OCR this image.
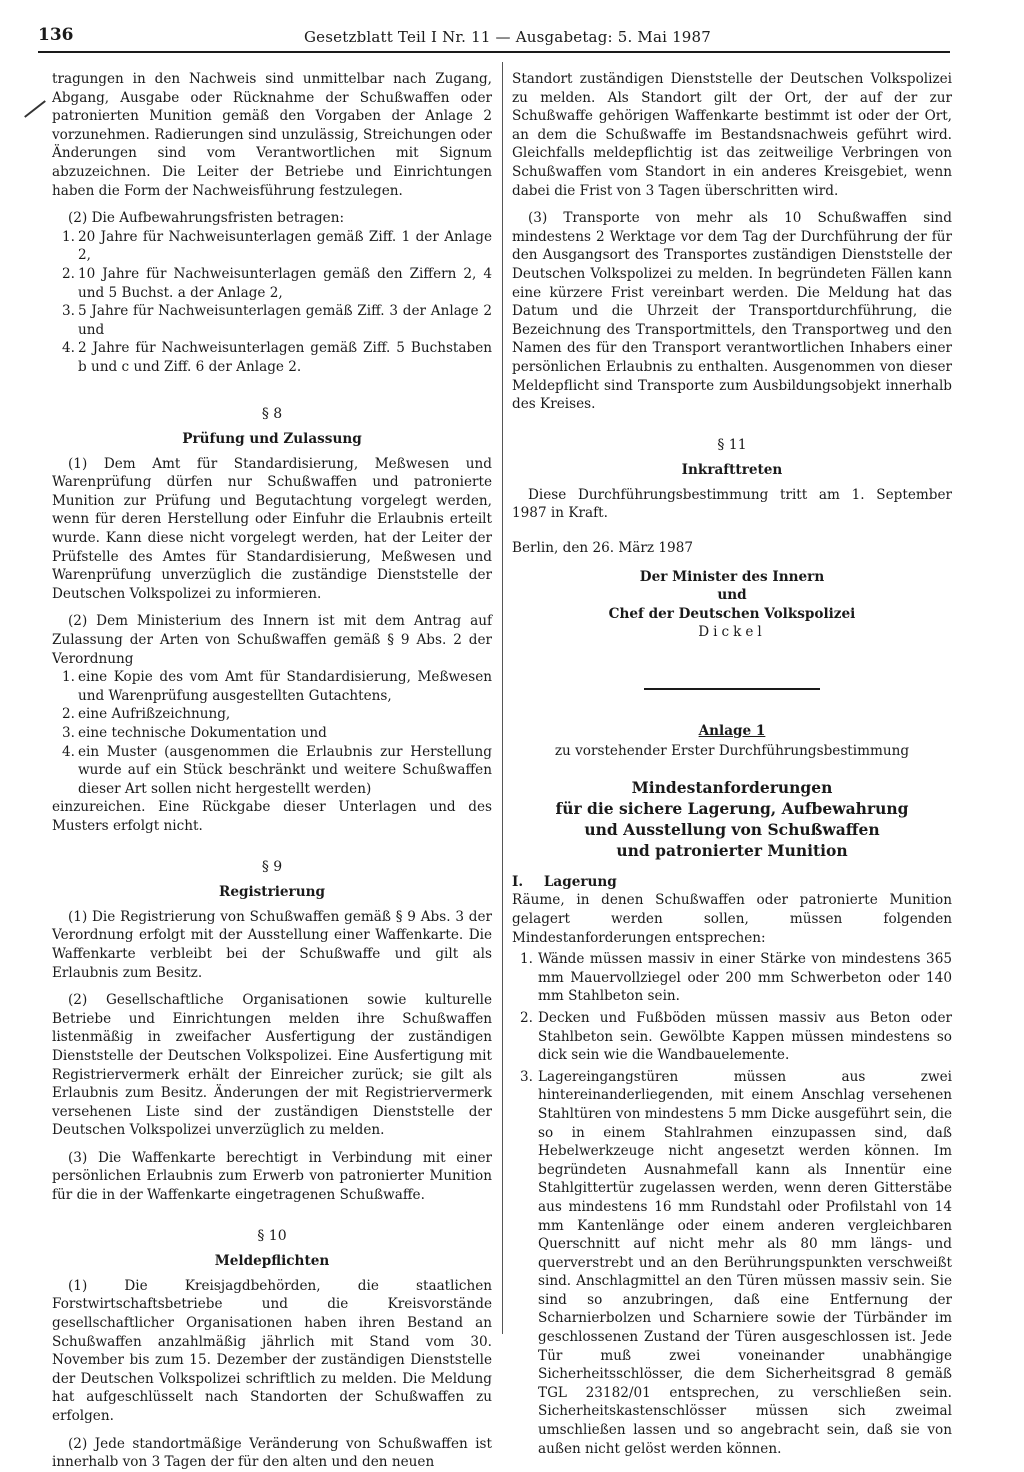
136	Gesetzblatt Teil I Nr. 11 — Ausgabetag: 5. Mai 1987

tragungen in den Nachweis sind unmittelbar nach Zugang, Abgang, Ausgabe oder Rücknahme der Schußwaffen oder patronierten Munition gemäß den Vorgaben der Anlage 2 vorzunehmen. Radierungen sind unzulässig, Streichungen oder Änderungen sind vom Verantwortlichen mit Signum abzuzeichnen. Die Leiter der Betriebe und Einrichtungen haben die Form der Nachweisführung festzulegen.

(2) Die Aufbewahrungsfristen betragen:

1. 20 Jahre für Nachweisunterlagen gemäß Ziff. 1 der Anlage 2,
2. 10 Jahre für Nachweisunterlagen gemäß den Ziffern 2, 4 und 5 Buchst. a der Anlage 2,
3. 5 Jahre für Nachweisunterlagen gemäß Ziff. 3 der Anlage 2 und
4. 2 Jahre für Nachweisunterlagen gemäß Ziff. 5 Buchstaben b und c und Ziff. 6 der Anlage 2.
§ 8
Prüfung und Zulassung

(1) Dem Amt für Standardisierung, Meßwesen und Warenprüfung dürfen nur Schußwaffen und patronierte Munition zur Prüfung und Begutachtung vorgelegt werden, wenn für deren Herstellung oder Einfuhr die Erlaubnis erteilt wurde. Kann diese nicht vorgelegt werden, hat der Leiter der Prüfstelle des Amtes für Standardisierung, Meßwesen und Warenprüfung unverzüglich die zuständige Dienststelle der Deutschen Volkspolizei zu informieren.

(2) Dem Ministerium des Innern ist mit dem Antrag auf Zulassung der Arten von Schußwaffen gemäß § 9 Abs. 2 der Verordnung

1. eine Kopie des vom Amt für Standardisierung, Meßwesen und Warenprüfung ausgestellten Gutachtens,
2. eine Aufrißzeichnung,
3. eine technische Dokumentation und
4. ein Muster (ausgenommen die Erlaubnis zur Herstellung wurde auf ein Stück beschränkt und weitere Schußwaffen dieser Art sollen nicht hergestellt werden)

einzureichen. Eine Rückgabe dieser Unterlagen und des Musters erfolgt nicht.

§ 9
Registrierung

(1) Die Registrierung von Schußwaffen gemäß § 9 Abs. 3 der Verordnung erfolgt mit der Ausstellung einer Waffenkarte. Die Waffenkarte verbleibt bei der Schußwaffe und gilt als Erlaubnis zum Besitz.

(2) Gesellschaftliche Organisationen sowie kulturelle Betriebe und Einrichtungen melden ihre Schußwaffen listenmäßig in zweifacher Ausfertigung der zuständigen Dienststelle der Deutschen Volkspolizei. Eine Ausfertigung mit Registriervermerk erhält der Einreicher zurück; sie gilt als Erlaubnis zum Besitz. Änderungen der mit Registriervermerk versehenen Liste sind der zuständigen Dienststelle der Deutschen Volkspolizei unverzüglich zu melden.

(3) Die Waffenkarte berechtigt in Verbindung mit einer persönlichen Erlaubnis zum Erwerb von patronierter Munition für die in der Waffenkarte eingetragenen Schußwaffe.

§ 10
Meldepflichten

(1) Die Kreisjagdbehörden, die staatlichen Forstwirtschaftsbetriebe und die Kreisvorstände gesellschaftlicher Organisationen haben ihren Bestand an Schußwaffen anzahlmäßig jährlich mit Stand vom 30. November bis zum 15. Dezember der zuständigen Dienststelle der Deutschen Volkspolizei schriftlich zu melden. Die Meldung hat aufgeschlüsselt nach Standorten der Schußwaffen zu erfolgen.

(2) Jede standortmäßige Veränderung von Schußwaffen ist innerhalb von 3 Tagen der für den alten und den neuen

Standort zuständigen Dienststelle der Deutschen Volkspolizei zu melden. Als Standort gilt der Ort, der auf der zur Schußwaffe gehörigen Waffenkarte bestimmt ist oder der Ort, an dem die Schußwaffe im Bestandsnachweis geführt wird. Gleichfalls meldepflichtig ist das zeitweilige Verbringen von Schußwaffen vom Standort in ein anderes Kreisgebiet, wenn dabei die Frist von 3 Tagen überschritten wird.

(3) Transporte von mehr als 10 Schußwaffen sind mindestens 2 Werktage vor dem Tag der Durchführung der für den Ausgangsort des Transportes zuständigen Dienststelle der Deutschen Volkspolizei zu melden. In begründeten Fällen kann eine kürzere Frist vereinbart werden. Die Meldung hat das Datum und die Uhrzeit der Transportdurchführung, die Bezeichnung des Transportmittels, den Transportweg und den Namen des für den Transport verantwortlichen Inhabers einer persönlichen Erlaubnis zu enthalten. Ausgenommen von dieser Meldepflicht sind Transporte zum Ausbildungsobjekt innerhalb des Kreises.

§ 11
Inkrafttreten

Diese Durchführungsbestimmung tritt am 1. September 1987 in Kraft.

Berlin, den 26. März 1987

Der Minister des Innern
und
Chef der Deutschen Volkspolizei
Dickel
Anlage 1
zu vorstehender Erster Durchführungsbestimmung
Mindestanforderungen
für die sichere Lagerung, Aufbewahrung
und Ausstellung von Schußwaffen
und patronierter Munition
I. Lagerung

Räume, in denen Schußwaffen oder patronierte Munition gelagert werden sollen, müssen folgenden Mindestanforderungen entsprechen:

1. Wände müssen massiv in einer Stärke von mindestens 365 mm Mauervollziegel oder 200 mm Schwerbeton oder 140 mm Stahlbeton sein.
2. Decken und Fußböden müssen massiv aus Beton oder Stahlbeton sein. Gewölbte Kappen müssen mindestens so dick sein wie die Wandbauelemente.
3. Lagereingangstüren müssen aus zwei hintereinanderliegenden, mit einem Anschlag versehenen Stahltüren von mindestens 5 mm Dicke ausgeführt sein, die so in einem Stahlrahmen einzupassen sind, daß Hebelwerkzeuge nicht angesetzt werden können. Im begründeten Ausnahmefall kann als Innentür eine Stahlgittertür zugelassen werden, wenn deren Gitterstäbe aus mindestens 16 mm Rundstahl oder Profilstahl von 14 mm Kantenlänge oder einem anderen vergleichbaren Querschnitt auf nicht mehr als 80 mm längs- und querverstrebt und an den Berührungspunkten verschweißt sind. Anschlagmittel an den Türen müssen massiv sein. Sie sind so anzubringen, daß eine Entfernung der Scharnierbolzen und Scharniere sowie der Türbänder im geschlossenen Zustand der Türen ausgeschlossen ist. Jede Tür muß zwei voneinander unabhängige Sicherheitsschlösser, die dem Sicherheitsgrad 8 gemäß TGL 23182/01 entsprechen, zu verschließen sein. Sicherheitskastenschlösser müssen sich zweimal umschließen lassen und so angebracht sein, daß sie von außen nicht gelöst werden können.
